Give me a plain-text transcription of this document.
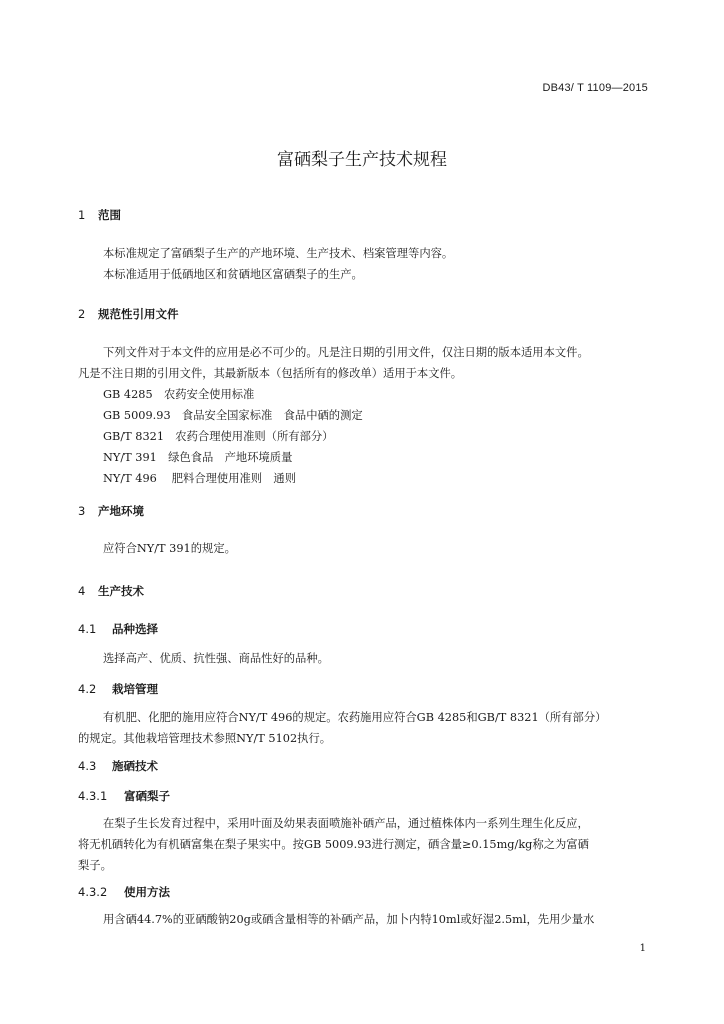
DB43/ T 1109—2015
富硒梨子生产技术规程
1 范围
本标准规定了富硒梨子生产的产地环境、生产技术、档案管理等内容。
本标准适用于低硒地区和贫硒地区富硒梨子的生产。
2 规范性引用文件
下列文件对于本文件的应用是必不可少的。凡是注日期的引用文件，仅注日期的版本适用本文件。
凡是不注日期的引用文件，其最新版本（包括所有的修改单）适用于本文件。
GB 4285　农药安全使用标准
GB 5009.93　食品安全国家标准　食品中硒的测定
GB/T 8321　农药合理使用准则（所有部分）
NY/T 391　绿色食品　产地环境质量
NY/T 496　 肥料合理使用准则　通则
3 产地环境
应符合NY/T 391的规定。
4 生产技术
4.1 品种选择
选择高产、优质、抗性强、商品性好的品种。
4.2 栽培管理
有机肥、化肥的施用应符合NY/T 496的规定。农药施用应符合GB 4285和GB/T 8321（所有部分）
的规定。其他栽培管理技术参照NY/T 5102执行。
4.3 施硒技术
4.3.1 富硒梨子
在梨子生长发育过程中，采用叶面及幼果表面喷施补硒产品，通过植株体内一系列生理生化反应，
将无机硒转化为有机硒富集在梨子果实中。按GB 5009.93进行测定，硒含量≥0.15mg/kg称之为富硒
梨子。
4.3.2 使用方法
用含硒44.7%的亚硒酸钠20g或硒含量相等的补硒产品，加卜内特10ml或好湿2.5ml，先用少量水
1
